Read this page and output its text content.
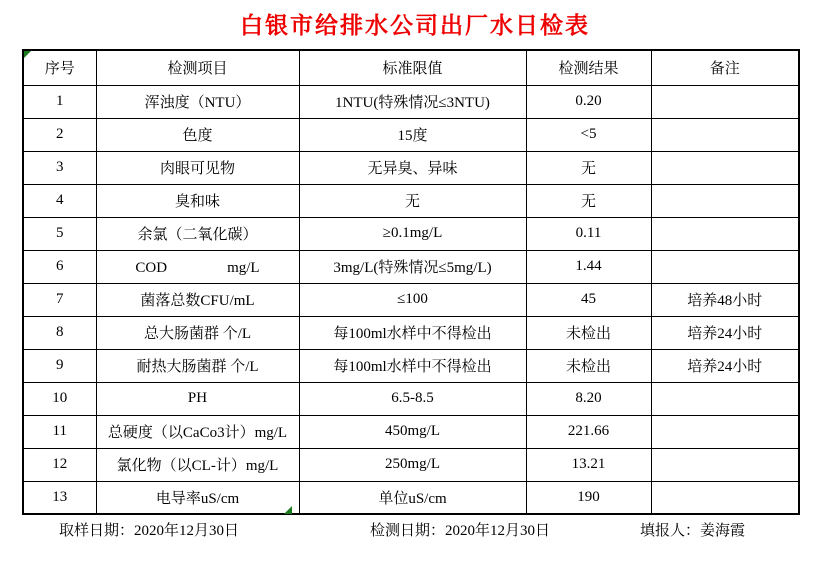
白银市给排水公司出厂水日检表
序号	检测项目	标准限值	检测结果	备注
1	浑浊度（NTU）	1NTU(特殊情况≤3NTU)	0.20	
2	色度	15度	<5	
3	肉眼可见物	无异臭、异味	无	
4	臭和味	无	无	
5	余氯（二氧化碳）	≥0.1mg/L	0.11	
6	COD　　　　mg/L	3mg/L(特殊情况≤5mg/L)	1.44	
7	菌落总数CFU/mL	≤100	45	培养48小时
8	总大肠菌群 个/L	每100ml水样中不得检出	未检出	培养24小时
9	耐热大肠菌群 个/L	每100ml水样中不得检出	未检出	培养24小时
10	PH	6.5-8.5	8.20	
11	总硬度（以CaCo3计）mg/L	450mg/L	221.66	
12	氯化物（以CL-计）mg/L	250mg/L	13.21	
13	电导率uS/cm	单位uS/cm	190	
取样日期：2020年12月30日	检测日期：2020年12月30日	填报人：姜海霞
